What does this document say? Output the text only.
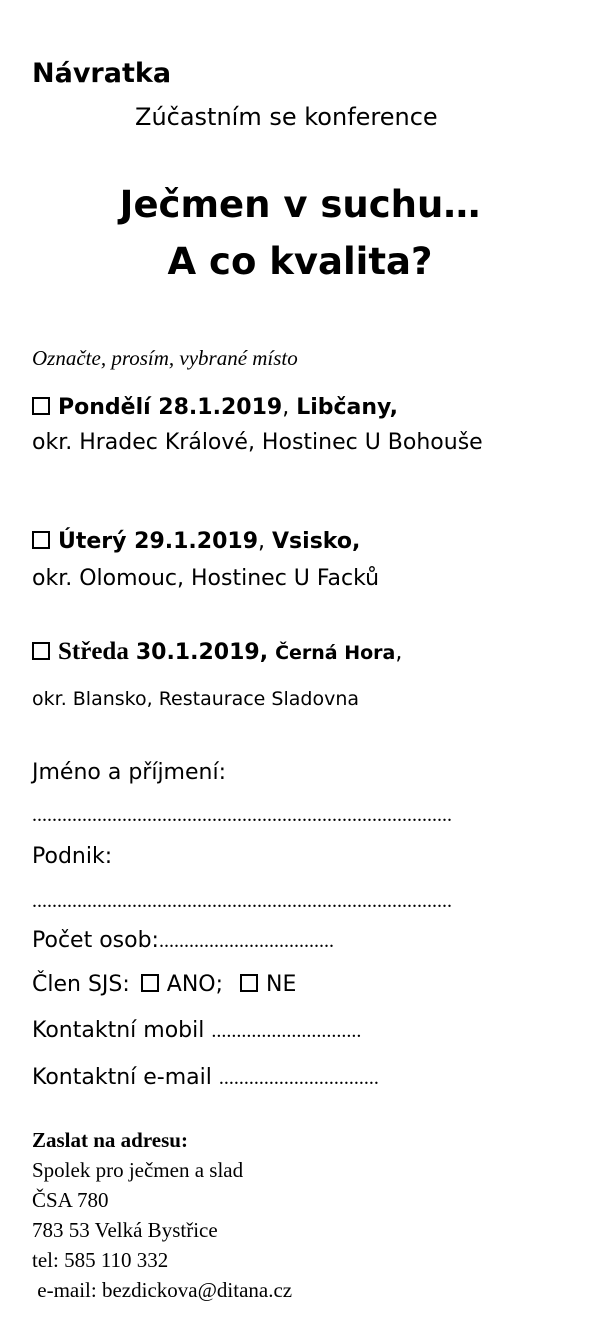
Návratka
Zúčastním se konference
Ječmen v suchu…
A co kvalita?
Označte, prosím, vybrané místo
Pondělí 28.1.2019, Libčany,
okr. Hradec Králové, Hostinec U Bohouše
Úterý 29.1.2019, Vsisko,
okr. Olomouc, Hostinec U Facků
Středa 30.1.2019, Černá Hora,
okr. Blansko, Restaurace Sladovna
Jméno a příjmení:
....................................................................................
Podnik:
....................................................................................
Počet osob:...................................
Člen SJS: ANO; NE
Kontaktní mobil ..............................
Kontaktní e-mail ................................
Zaslat na adresu:
Spolek pro ječmen a slad
ČSA 780
783 53 Velká Bystřice
tel: 585 110 332
e-mail: bezdickova@ditana.cz
